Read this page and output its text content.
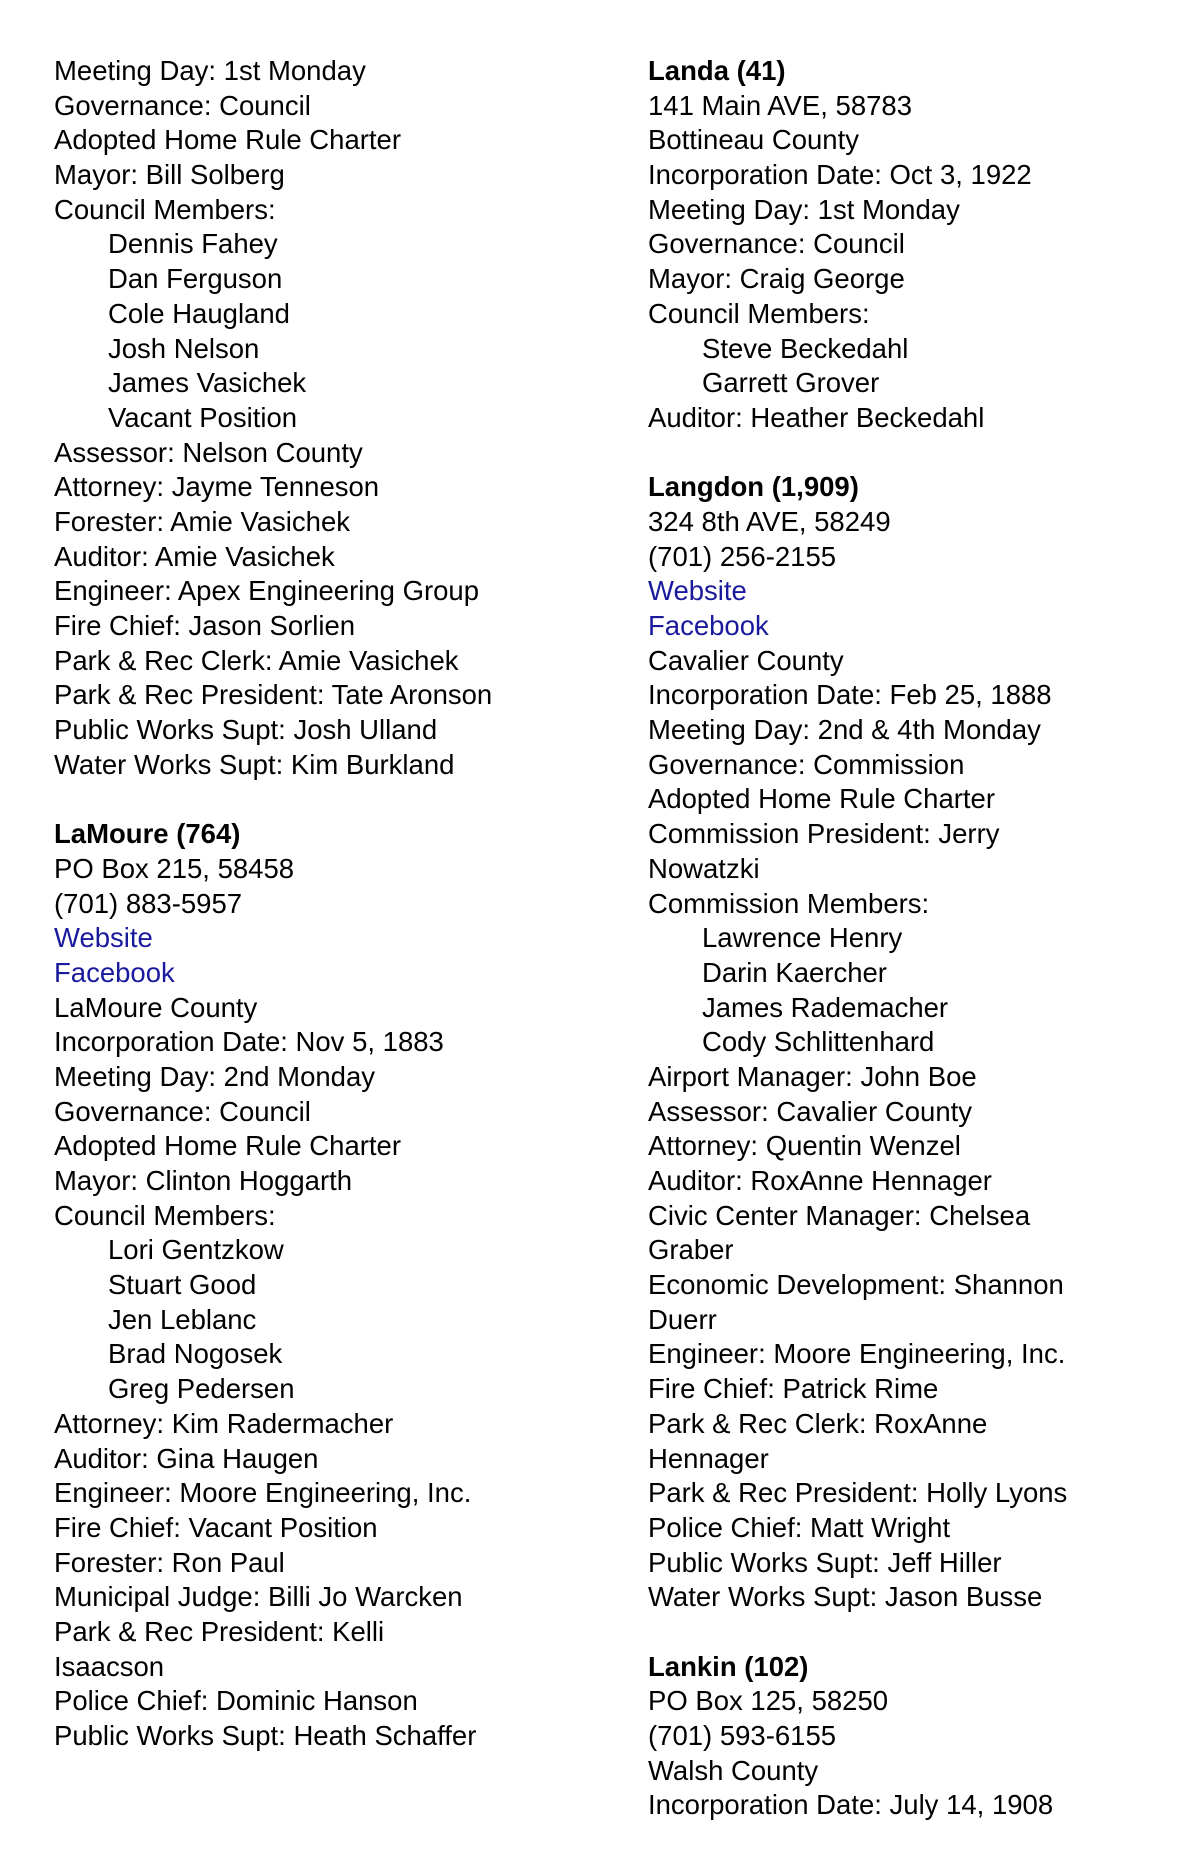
Meeting Day: 1st Monday
Governance: Council
Adopted Home Rule Charter
Mayor: Bill Solberg
Council Members:
Dennis Fahey
Dan Ferguson
Cole Haugland
Josh Nelson
James Vasichek
Vacant Position
Assessor: Nelson County
Attorney: Jayme Tenneson
Forester: Amie Vasichek
Auditor: Amie Vasichek
Engineer: Apex Engineering Group
Fire Chief: Jason Sorlien
Park & Rec Clerk: Amie Vasichek
Park & Rec President: Tate Aronson
Public Works Supt: Josh Ulland
Water Works Supt: Kim Burkland
LaMoure (764)
PO Box 215, 58458
(701) 883-5957
Website
Facebook
LaMoure County
Incorporation Date: Nov 5, 1883
Meeting Day: 2nd Monday
Governance: Council
Adopted Home Rule Charter
Mayor: Clinton Hoggarth
Council Members:
Lori Gentzkow
Stuart Good
Jen Leblanc
Brad Nogosek
Greg Pedersen
Attorney: Kim Radermacher
Auditor: Gina Haugen
Engineer: Moore Engineering, Inc.
Fire Chief: Vacant Position
Forester: Ron Paul
Municipal Judge: Billi Jo Warcken
Park & Rec President: Kelli
Isaacson
Police Chief: Dominic Hanson
Public Works Supt: Heath Schaffer
Landa (41)
141 Main AVE, 58783
Bottineau County
Incorporation Date: Oct 3, 1922
Meeting Day: 1st Monday
Governance: Council
Mayor: Craig George
Council Members:
Steve Beckedahl
Garrett Grover
Auditor: Heather Beckedahl
Langdon (1,909)
324 8th AVE, 58249
(701) 256-2155
Website
Facebook
Cavalier County
Incorporation Date: Feb 25, 1888
Meeting Day: 2nd & 4th Monday
Governance: Commission
Adopted Home Rule Charter
Commission President: Jerry
Nowatzki
Commission Members:
Lawrence Henry
Darin Kaercher
James Rademacher
Cody Schlittenhard
Airport Manager: John Boe
Assessor: Cavalier County
Attorney: Quentin Wenzel
Auditor: RoxAnne Hennager
Civic Center Manager: Chelsea
Graber
Economic Development: Shannon
Duerr
Engineer: Moore Engineering, Inc.
Fire Chief: Patrick Rime
Park & Rec Clerk: RoxAnne
Hennager
Park & Rec President: Holly Lyons
Police Chief: Matt Wright
Public Works Supt: Jeff Hiller
Water Works Supt: Jason Busse
Lankin (102)
PO Box 125, 58250
(701) 593-6155
Walsh County
Incorporation Date: July 14, 1908
